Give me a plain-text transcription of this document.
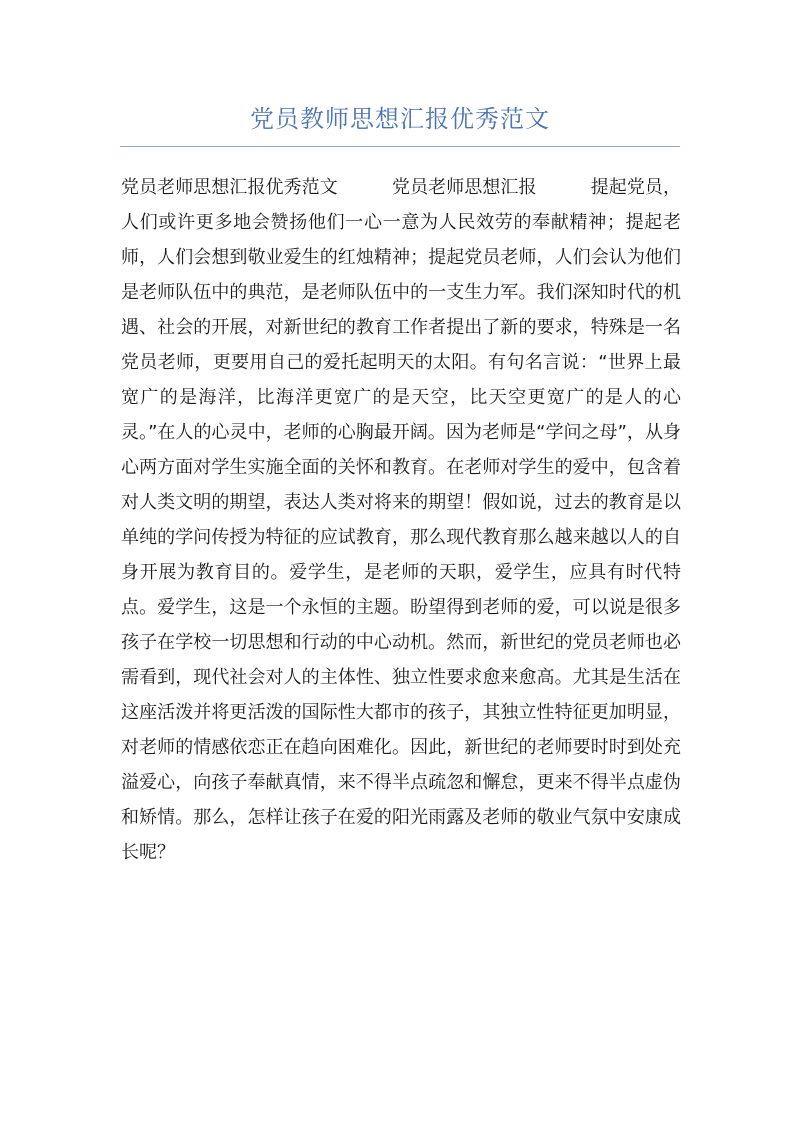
党员教师思想汇报优秀范文

党员老师思想汇报优秀范文　　　党员老师思想汇报　　　提起党员，人们或许更多地会赞扬他们一心一意为人民效劳的奉献精神；提起老师，人们会想到敬业爱生的红烛精神；提起党员老师，人们会认为他们是老师队伍中的典范，是老师队伍中的一支生力军。我们深知时代的机遇、社会的开展，对新世纪的教育工作者提出了新的要求，特殊是一名党员老师，更要用自己的爱托起明天的太阳。有句名言说：“世界上最宽广的是海洋，比海洋更宽广的是天空，比天空更宽广的是人的心灵。”在人的心灵中，老师的心胸最开阔。因为老师是“学问之母”，从身心两方面对学生实施全面的关怀和教育。在老师对学生的爱中，包含着对人类文明的期望，表达人类对将来的期望！假如说，过去的教育是以单纯的学问传授为特征的应试教育，那么现代教育那么越来越以人的自身开展为教育目的。爱学生，是老师的天职，爱学生，应具有时代特点。爱学生，这是一个永恒的主题。盼望得到老师的爱，可以说是很多孩子在学校一切思想和行动的中心动机。然而，新世纪的党员老师也必需看到，现代社会对人的主体性、独立性要求愈来愈高。尤其是生活在这座活泼并将更活泼的国际性大都市的孩子，其独立性特征更加明显，对老师的情感依恋正在趋向困难化。因此，新世纪的老师要时时到处充溢爱心，向孩子奉献真情，来不得半点疏忽和懈怠，更来不得半点虚伪和矫情。那么，怎样让孩子在爱的阳光雨露及老师的敬业气氛中安康成长呢？
